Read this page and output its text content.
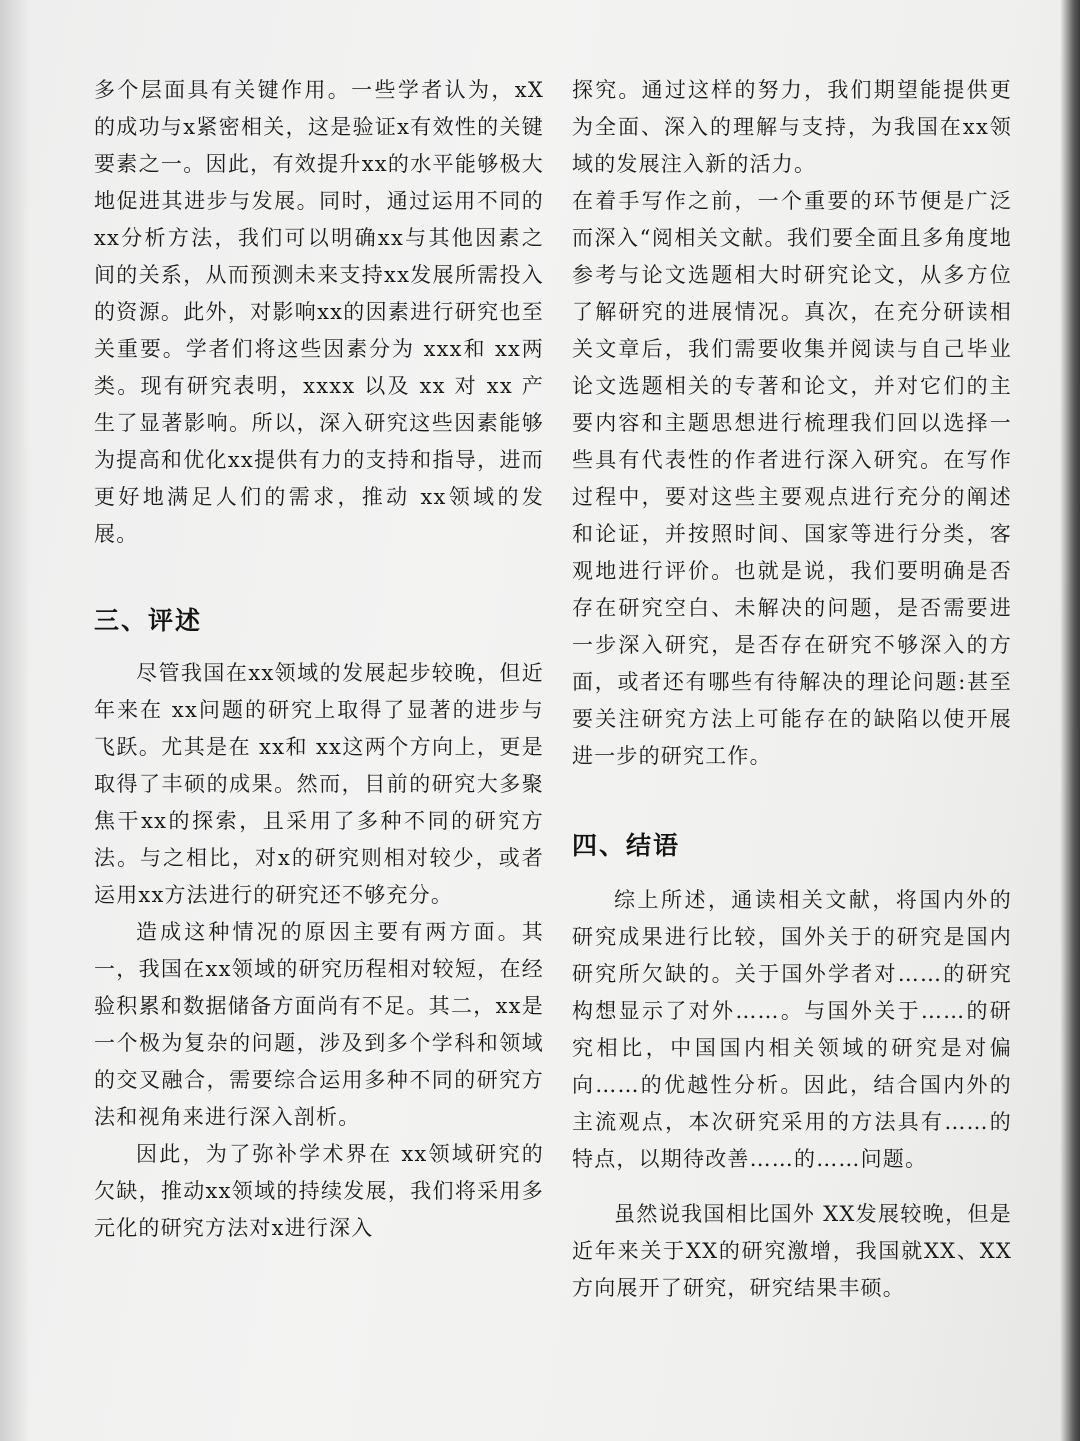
多个层面具有关键作用。一些学者认为，xX的成功与x紧密相关，这是验证x有效性的关键要素之一。因此，有效提升xx的水平能够极大地促进其进步与发展。同时，通过运用不同的xx分析方法，我们可以明确xx与其他因素之间的关系，从而预测未来支持xx发展所需投入的资源。此外，对影响xx的因素进行研究也至关重要。学者们将这些因素分为 xxx和 xx两类。现有研究表明，xxxx 以及 xx 对 xx 产生了显著影响。所以，深入研究这些因素能够为提高和优化xx提供有力的支持和指导，进而更好地满足人们的需求，推动 xx领域的发展。

三、评述

尽管我国在xx领域的发展起步较晚，但近年来在 xx问题的研究上取得了显著的进步与飞跃。尤其是在 xx和 xx这两个方向上，更是取得了丰硕的成果。然而，目前的研究大多聚焦干xx的探索，且采用了多种不同的研究方法。与之相比，对x的研究则相对较少，或者运用xx方法进行的研究还不够充分。

造成这种情况的原因主要有两方面。其一，我国在xx领域的研究历程相对较短，在经验积累和数据储备方面尚有不足。其二，xx是一个极为复杂的问题，涉及到多个学科和领域的交叉融合，需要综合运用多种不同的研究方法和视角来进行深入剖析。

因此，为了弥补学术界在 xx领域研究的欠缺，推动xx领域的持续发展，我们将采用多元化的研究方法对x进行深入

探究。通过这样的努力，我们期望能提供更为全面、深入的理解与支持，为我国在xx领域的发展注入新的活力。

在着手写作之前，一个重要的环节便是广泛而深入“阅相关文献。我们要全面且多角度地参考与论文选题相大时研究论文，从多方位了解研究的进展情况。真次，在充分研读相关文章后，我们需要收集并阅读与自己毕业论文选题相关的专著和论文，并对它们的主要内容和主题思想进行梳理我们回以选择一些具有代表性的作者进行深入研究。在写作过程中，要对这些主要观点进行充分的阐述和论证，并按照时间、国家等进行分类，客观地进行评价。也就是说，我们要明确是否存在研究空白、未解决的问题，是否需要进一步深入研究，是否存在研究不够深入的方面，或者还有哪些有待解决的理论问题:甚至要关注研究方法上可能存在的缺陷以使开展进一步的研究工作。

四、结语

综上所述，通读相关文献，将国内外的研究成果进行比较，国外关于的研究是国内研究所欠缺的。关于国外学者对……的研究构想显示了对外……。与国外关于……的研究相比，中国国内相关领域的研究是对偏向……的优越性分析。因此，结合国内外的主流观点，本次研究采用的方法具有……的特点，以期待改善……的……问题。

虽然说我国相比国外 XX发展较晚，但是近年来关于XX的研究激增，我国就XX、XX方向展开了研究，研究结果丰硕。
